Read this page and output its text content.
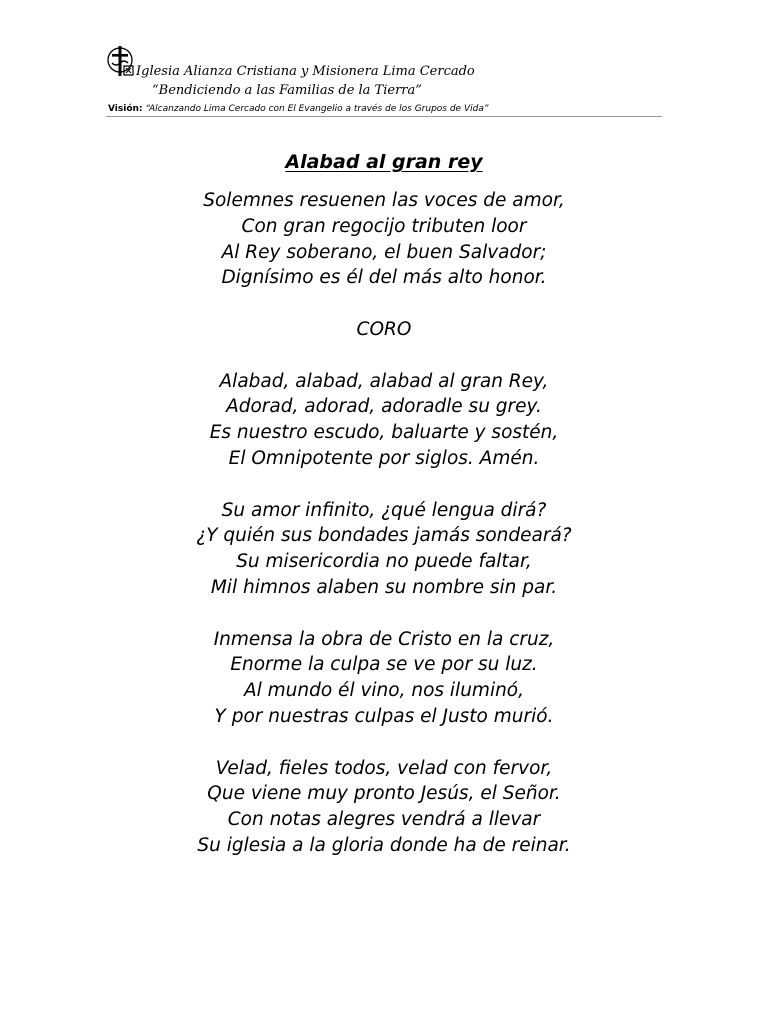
Iglesia Alianza Cristiana y Misionera Lima Cercado
“Bendiciendo a las Familias de la Tierra”
Visión: “Alcanzando Lima Cercado con El Evangelio a través de los Grupos de Vida”
Alabad al gran rey
Solemnes resuenen las voces de amor,
Con gran regocijo tributen loor
Al Rey soberano, el buen Salvador;
Dignísimo es él del más alto honor.
CORO
Alabad, alabad, alabad al gran Rey,
Adorad, adorad, adoradle su grey.
Es nuestro escudo, baluarte y sostén,
El Omnipotente por siglos. Amén.
Su amor infinito, ¿qué lengua dirá?
¿Y quién sus bondades jamás sondeará?
Su misericordia no puede faltar,
Mil himnos alaben su nombre sin par.
Inmensa la obra de Cristo en la cruz,
Enorme la culpa se ve por su luz.
Al mundo él vino, nos iluminó,
Y por nuestras culpas el Justo murió.
Velad, fieles todos, velad con fervor,
Que viene muy pronto Jesús, el Señor.
Con notas alegres vendrá a llevar
Su iglesia a la gloria donde ha de reinar.
